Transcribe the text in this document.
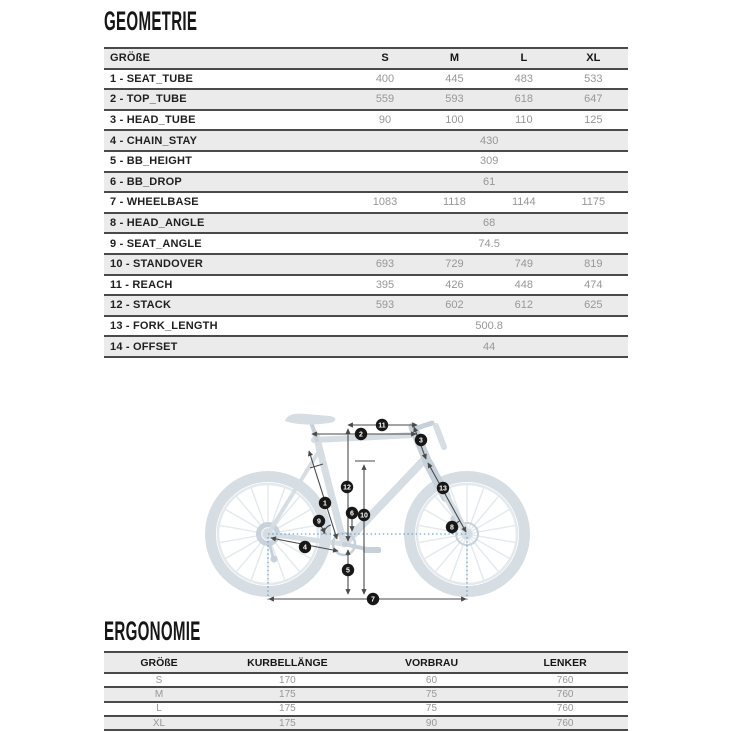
GEOMETRIE
GRÖßE	S	M	L	XL
1 - SEAT_TUBE	400	445	483	533
2 - TOP_TUBE	559	593	618	647
3 - HEAD_TUBE	90	100	110	125
4 - CHAIN_STAY	430			
5 - BB_HEIGHT	309			
6 - BB_DROP	61			
7 - WHEELBASE	1083	1118	1144	1175
8 - HEAD_ANGLE	68			
9 - SEAT_ANGLE	74.5			
10 - STANDOVER	693	729	749	819
11 - REACH	395	426	448	474
12 - STACK	593	602	612	625
13 - FORK_LENGTH	500.8			
14 - OFFSET	44			
1
2
3
4
5
6
7
8
9
10
11
12	13
ERGONOMIE
GRÖßE	KURBELLÄNGE	VORBRAU	LENKER
S	170	60	760
M	175	75	760
L	175	75	760
XL	175	90	760
